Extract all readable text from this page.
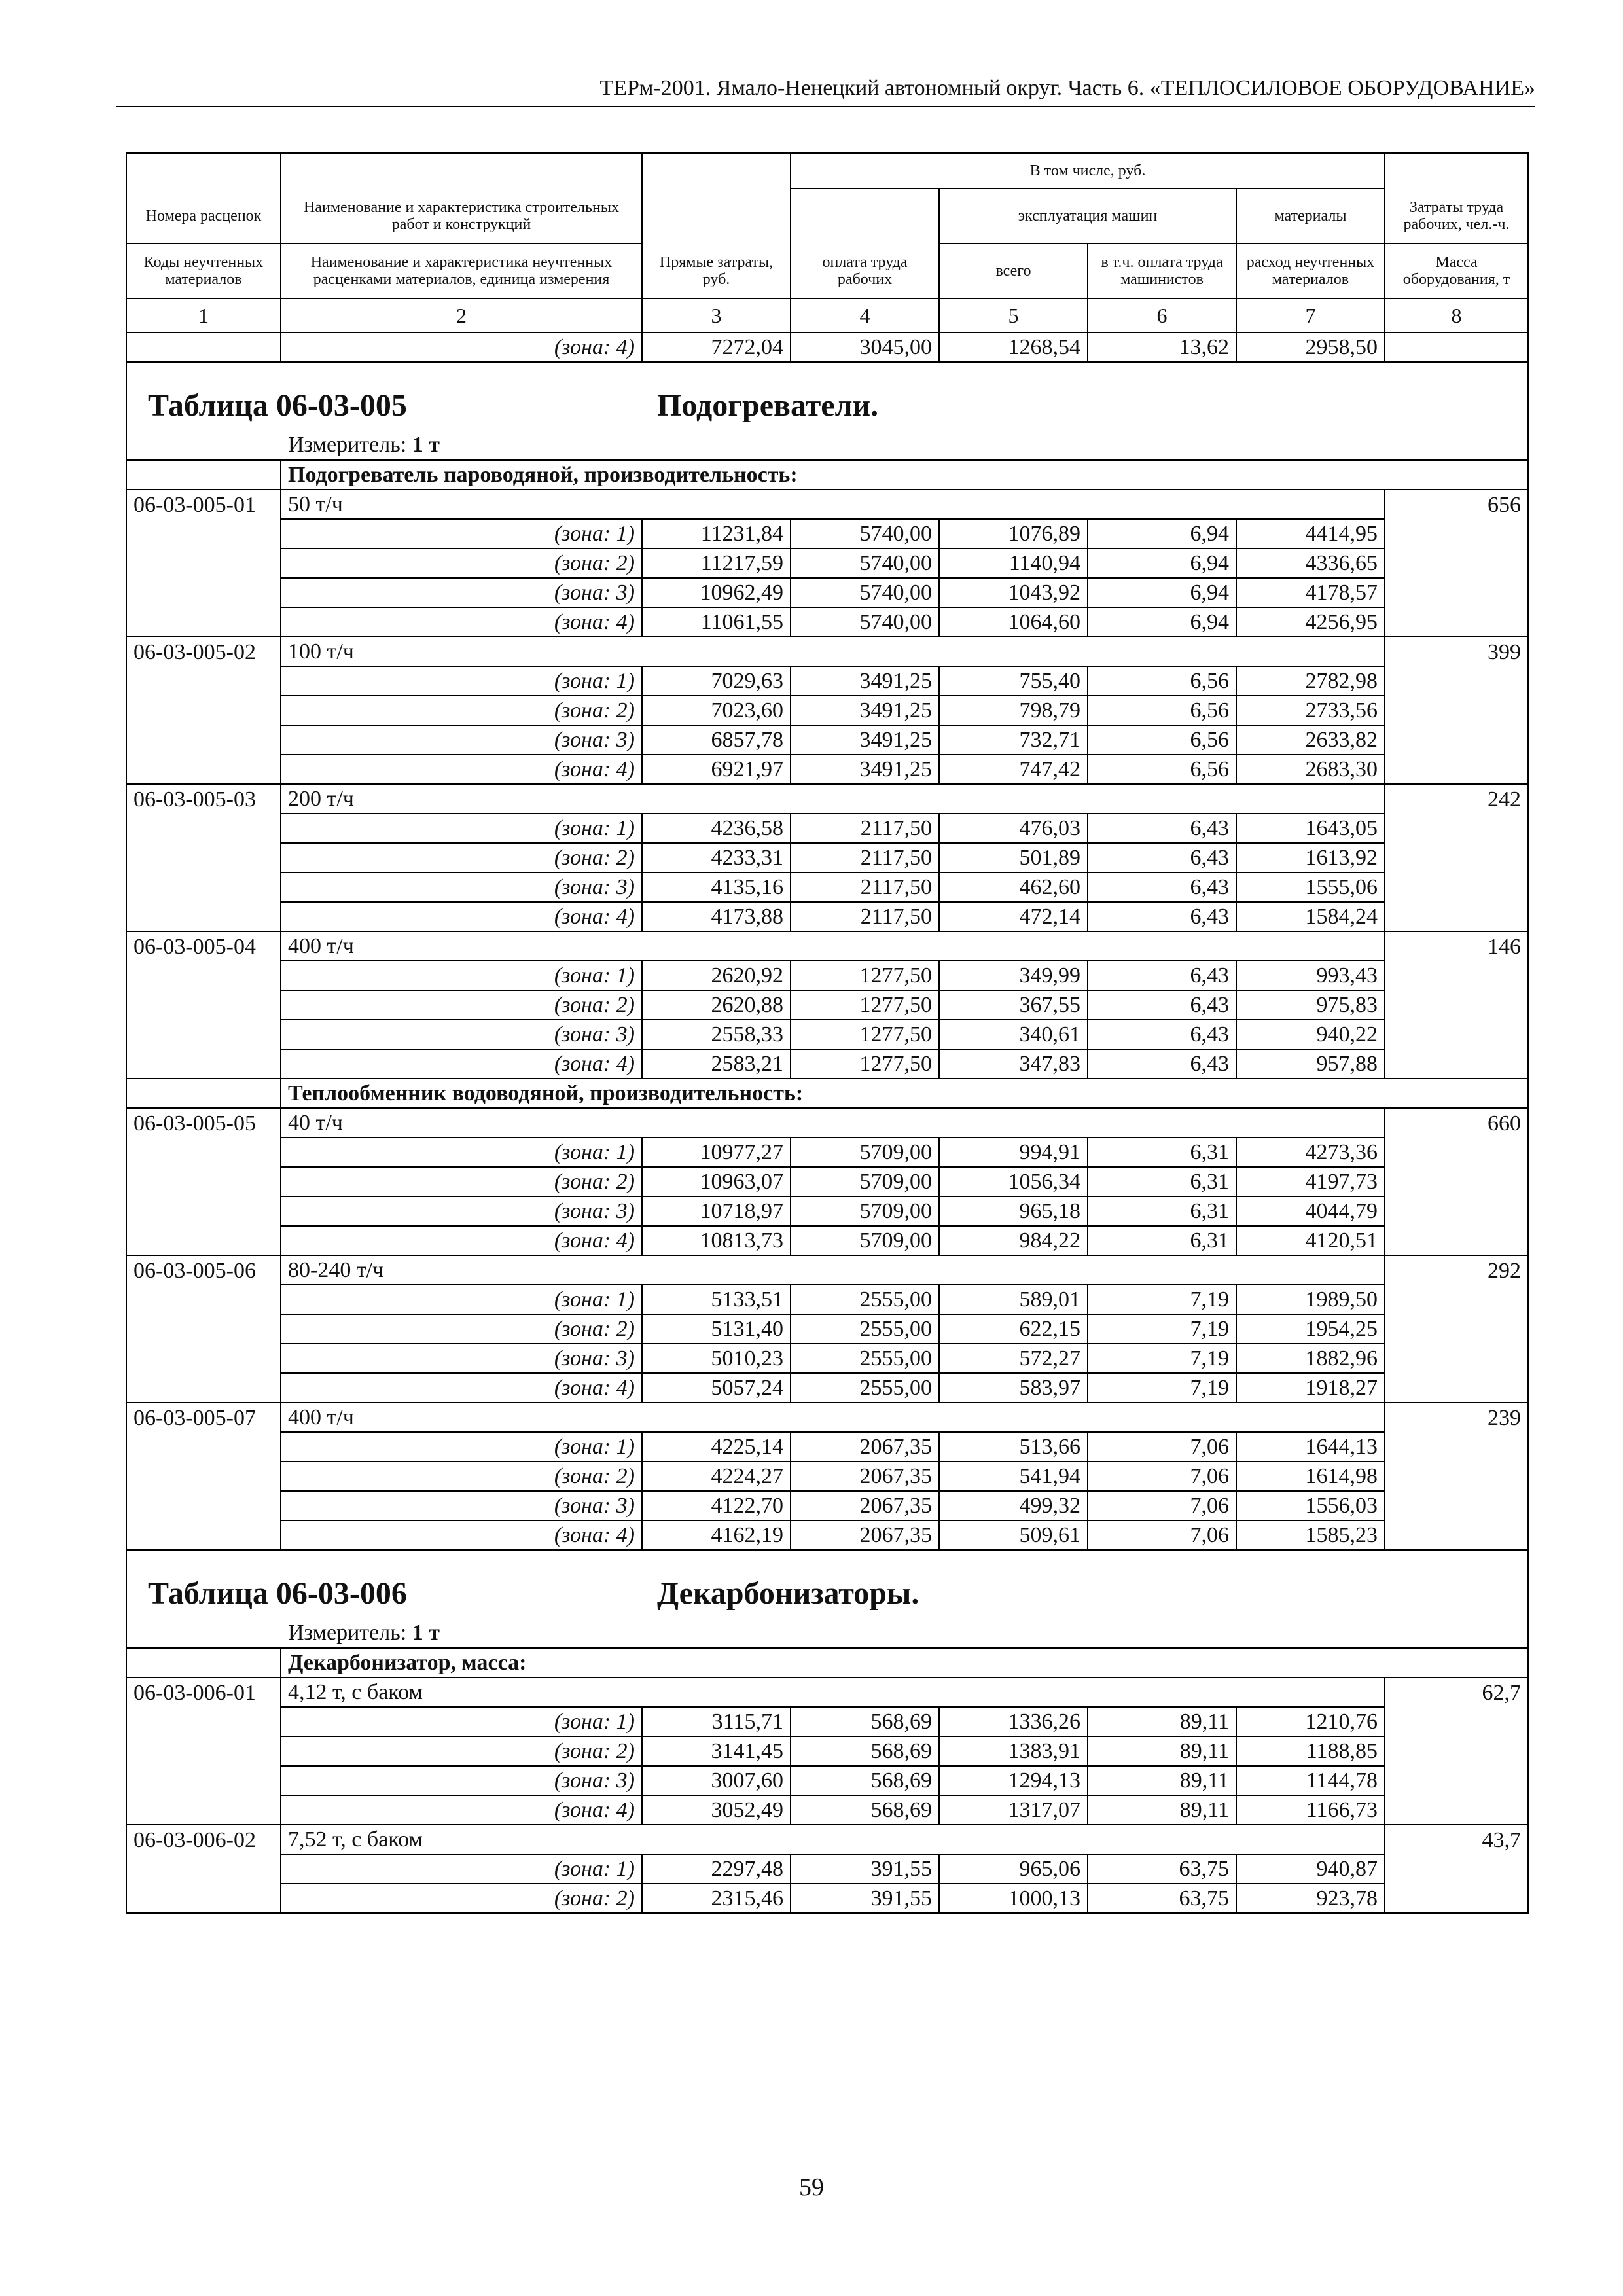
ТЕРм-2001. Ямало-Ненецкий автономный округ. Часть 6. «ТЕПЛОСИЛОВОЕ ОБОРУДОВАНИЕ»
			В том числе, руб.				
Номера расценок	Наименование и характеристика строительных работ и конструкций			эксплуатация машин		материалы	Затраты труда рабочих, чел.-ч.
Коды неучтенных материалов	Наименование и характеристика неучтенных расценками материалов, единица измерения	Прямые затраты, руб.	оплата труда рабочих	всего	в т.ч. оплата труда машинистов	расход неучтенных материалов	Масса оборудования, т
1	2	3	4	5	6	7	8
	(зона: 4)	7272,04	3045,00	1268,54	13,62	2958,50	

Таблица 06-03-005 Подогреватели.
Измеритель: 1 т							

	Подогреватель пароводяной, производительность:						
06-03-005-01	50 т/ч						656
	(зона: 1)	11231,84	5740,00	1076,89	6,94	4414,95	
	(зона: 2)	11217,59	5740,00	1140,94	6,94	4336,65	
	(зона: 3)	10962,49	5740,00	1043,92	6,94	4178,57	
	(зона: 4)	11061,55	5740,00	1064,60	6,94	4256,95	
06-03-005-02	100 т/ч						399
	(зона: 1)	7029,63	3491,25	755,40	6,56	2782,98	
	(зона: 2)	7023,60	3491,25	798,79	6,56	2733,56	
	(зона: 3)	6857,78	3491,25	732,71	6,56	2633,82	
	(зона: 4)	6921,97	3491,25	747,42	6,56	2683,30	
06-03-005-03	200 т/ч						242
	(зона: 1)	4236,58	2117,50	476,03	6,43	1643,05	
	(зона: 2)	4233,31	2117,50	501,89	6,43	1613,92	
	(зона: 3)	4135,16	2117,50	462,60	6,43	1555,06	
	(зона: 4)	4173,88	2117,50	472,14	6,43	1584,24	
06-03-005-04	400 т/ч						146
	(зона: 1)	2620,92	1277,50	349,99	6,43	993,43	
	(зона: 2)	2620,88	1277,50	367,55	6,43	975,83	
	(зона: 3)	2558,33	1277,50	340,61	6,43	940,22	
	(зона: 4)	2583,21	1277,50	347,83	6,43	957,88	
	Теплообменник водоводяной, производительность:						
06-03-005-05	40 т/ч						660
	(зона: 1)	10977,27	5709,00	994,91	6,31	4273,36	
	(зона: 2)	10963,07	5709,00	1056,34	6,31	4197,73	
	(зона: 3)	10718,97	5709,00	965,18	6,31	4044,79	
	(зона: 4)	10813,73	5709,00	984,22	6,31	4120,51	
06-03-005-06	80-240 т/ч						292
	(зона: 1)	5133,51	2555,00	589,01	7,19	1989,50	
	(зона: 2)	5131,40	2555,00	622,15	7,19	1954,25	
	(зона: 3)	5010,23	2555,00	572,27	7,19	1882,96	
	(зона: 4)	5057,24	2555,00	583,97	7,19	1918,27	
06-03-005-07	400 т/ч						239
	(зона: 1)	4225,14	2067,35	513,66	7,06	1644,13	
	(зона: 2)	4224,27	2067,35	541,94	7,06	1614,98	
	(зона: 3)	4122,70	2067,35	499,32	7,06	1556,03	
	(зона: 4)	4162,19	2067,35	509,61	7,06	1585,23	

Таблица 06-03-006 Декарбонизаторы.
Измеритель: 1 т							

	Декарбонизатор, масса:						
06-03-006-01	4,12 т, с баком						62,7
	(зона: 1)	3115,71	568,69	1336,26	89,11	1210,76	
	(зона: 2)	3141,45	568,69	1383,91	89,11	1188,85	
	(зона: 3)	3007,60	568,69	1294,13	89,11	1144,78	
	(зона: 4)	3052,49	568,69	1317,07	89,11	1166,73	
06-03-006-02	7,52 т, с баком						43,7
	(зона: 1)	2297,48	391,55	965,06	63,75	940,87	
	(зона: 2)	2315,46	391,55	1000,13	63,75	923,78	
59
